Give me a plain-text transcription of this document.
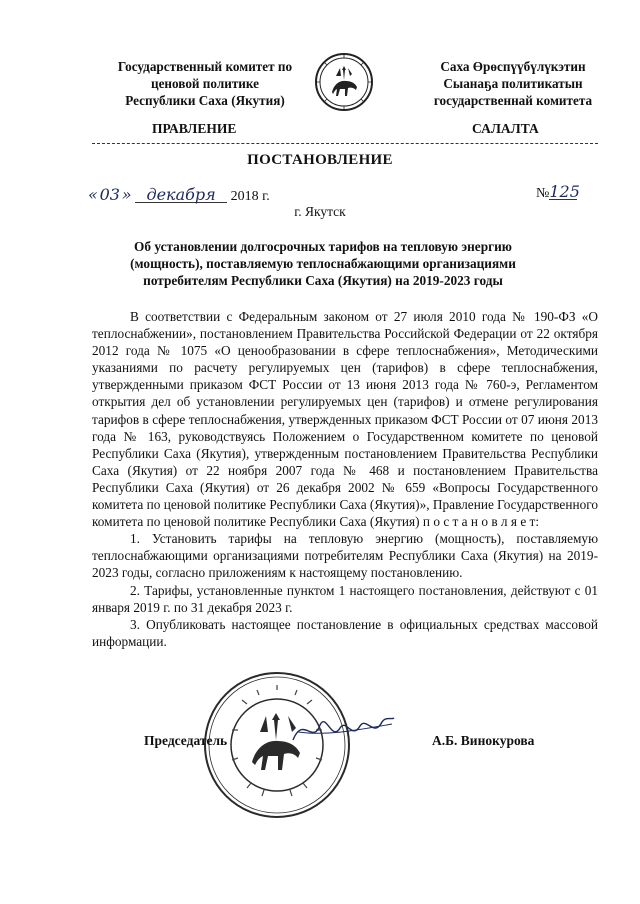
Государственный комитет по
ценовой политике
Республики Саха (Якутия)
Саха Өрөспүүбүлүкэтин
Сыанаҕа политикатын
государственнай комитета
ПРАВЛЕНИЕ	САЛАЛТА
ПОСТАНОВЛЕНИЕ
« 03 » декабря 2018 г.	№125
г. Якутск
Об установлении долгосрочных тарифов на тепловую энергию
(мощность), поставляемую теплоснабжающими организациями
потребителям Республики Саха (Якутия) на 2019-2023 годы

В соответствии с Федеральным законом от 27 июля 2010 года № 190-ФЗ «О теплоснабжении», постановлением Правительства Российской Федерации от 22 октября 2012 года № 1075 «О ценообразовании в сфере теплоснабжения», Методическими указаниями по расчету регулируемых цен (тарифов) в сфере теплоснабжения, утвержденными приказом ФСТ России от 13 июня 2013 года № 760-э, Регламентом открытия дел об установлении регулируемых цен (тарифов) и отмене регулирования тарифов в сфере теплоснабжения, утвержденных приказом ФСТ России от 07 июня 2013 года № 163, руководствуясь Положением о Государственном комитете по ценовой Республики Саха (Якутия), утвержденным постановлением Правительства Республики Саха (Якутия) от 22 ноября 2007 года № 468 и постановлением Правительства Республики Саха (Якутия) от 26 декабря 2002 № 659 «Вопросы Государственного комитета по ценовой политике Республики Саха (Якутия)», Правление Государственного комитета по ценовой политике Республики Саха (Якутия) п о с т а н о в л я е т:

1. Установить тарифы на тепловую энергию (мощность), поставляемую теплоснабжающими организациями потребителям Республики Саха (Якутия) на 2019-2023 годы, согласно приложениям к настоящему постановлению.

2. Тарифы, установленные пунктом 1 настоящего постановления, действуют с 01 января 2019 г. по 31 декабря 2023 г.

3. Опубликовать настоящее постановление в официальных средствах массовой информации.

Председатель	А.Б. Винокурова
